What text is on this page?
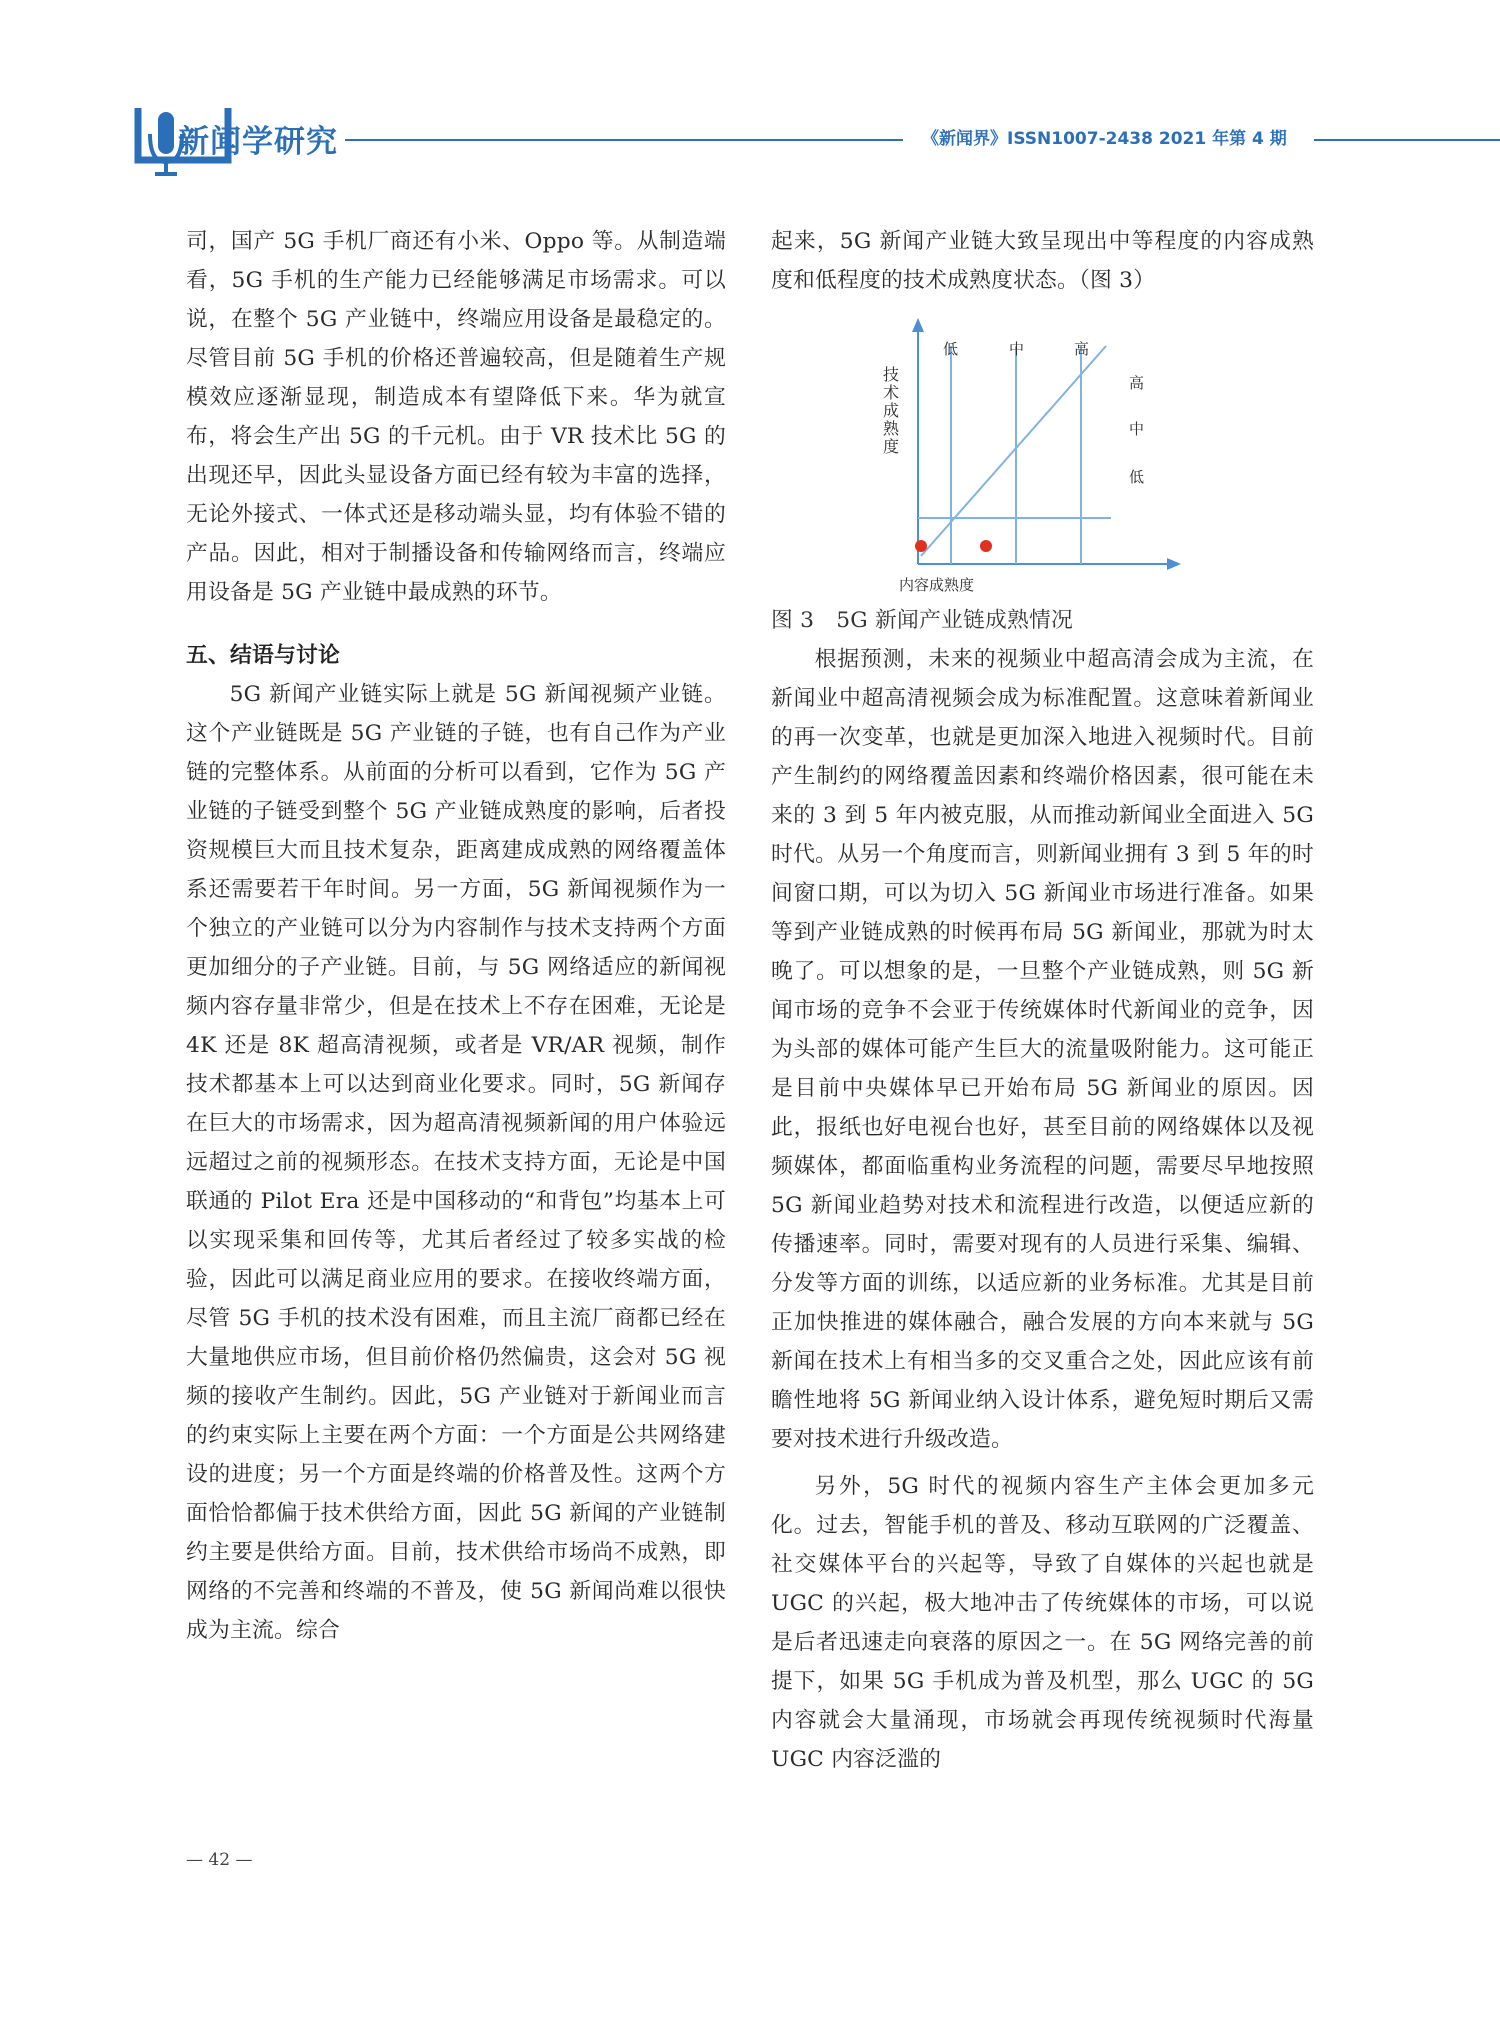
新闻学研究	《新闻界》ISSN1007-2438 2021 年第 4 期

司，国产 5G 手机厂商还有小米、Oppo 等。从制造端看，5G 手机的生产能力已经能够满足市场需求。可以说，在整个 5G 产业链中，终端应用设备是最稳定的。尽管目前 5G 手机的价格还普遍较高，但是随着生产规模效应逐渐显现，制造成本有望降低下来。华为就宣布，将会生产出 5G 的千元机。由于 VR 技术比 5G 的出现还早，因此头显设备方面已经有较为丰富的选择，无论外接式、一体式还是移动端头显，均有体验不错的产品。因此，相对于制播设备和传输网络而言，终端应用设备是 5G 产业链中最成熟的环节。

五、结语与讨论

5G 新闻产业链实际上就是 5G 新闻视频产业链。这个产业链既是 5G 产业链的子链，也有自己作为产业链的完整体系。从前面的分析可以看到，它作为 5G 产业链的子链受到整个 5G 产业链成熟度的影响，后者投资规模巨大而且技术复杂，距离建成成熟的网络覆盖体系还需要若干年时间。另一方面，5G 新闻视频作为一个独立的产业链可以分为内容制作与技术支持两个方面更加细分的子产业链。目前，与 5G 网络适应的新闻视频内容存量非常少，但是在技术上不存在困难，无论是 4K 还是 8K 超高清视频，或者是 VR/AR 视频，制作技术都基本上可以达到商业化要求。同时，5G 新闻存在巨大的市场需求，因为超高清视频新闻的用户体验远远超过之前的视频形态。在技术支持方面，无论是中国联通的 Pilot Era 还是中国移动的“和背包”均基本上可以实现采集和回传等，尤其后者经过了较多实战的检验，因此可以满足商业应用的要求。在接收终端方面，尽管 5G 手机的技术没有困难，而且主流厂商都已经在大量地供应市场，但目前价格仍然偏贵，这会对 5G 视频的接收产生制约。因此，5G 产业链对于新闻业而言的约束实际上主要在两个方面：一个方面是公共网络建设的进度；另一个方面是终端的价格普及性。这两个方面恰恰都偏于技术供给方面，因此 5G 新闻的产业链制约主要是供给方面。目前，技术供给市场尚不成熟，即网络的不完善和终端的不普及，使 5G 新闻尚难以很快成为主流。综合

起来，5G 新闻产业链大致呈现出中等程度的内容成熟度和低程度的技术成熟度状态。（图 3）

低	中	高
高
中
低
技术成熟度
内容成熟度

图 3　5G 新闻产业链成熟情况

根据预测，未来的视频业中超高清会成为主流，在新闻业中超高清视频会成为标准配置。这意味着新闻业的再一次变革，也就是更加深入地进入视频时代。目前产生制约的网络覆盖因素和终端价格因素，很可能在未来的 3 到 5 年内被克服，从而推动新闻业全面进入 5G 时代。从另一个角度而言，则新闻业拥有 3 到 5 年的时间窗口期，可以为切入 5G 新闻业市场进行准备。如果等到产业链成熟的时候再布局 5G 新闻业，那就为时太晚了。可以想象的是，一旦整个产业链成熟，则 5G 新闻市场的竞争不会亚于传统媒体时代新闻业的竞争，因为头部的媒体可能产生巨大的流量吸附能力。这可能正是目前中央媒体早已开始布局 5G 新闻业的原因。因此，报纸也好电视台也好，甚至目前的网络媒体以及视频媒体，都面临重构业务流程的问题，需要尽早地按照 5G 新闻业趋势对技术和流程进行改造，以便适应新的传播速率。同时，需要对现有的人员进行采集、编辑、分发等方面的训练，以适应新的业务标准。尤其是目前正加快推进的媒体融合，融合发展的方向本来就与 5G 新闻在技术上有相当多的交叉重合之处，因此应该有前瞻性地将 5G 新闻业纳入设计体系，避免短时期后又需要对技术进行升级改造。

另外，5G 时代的视频内容生产主体会更加多元化。过去，智能手机的普及、移动互联网的广泛覆盖、社交媒体平台的兴起等，导致了自媒体的兴起也就是 UGC 的兴起，极大地冲击了传统媒体的市场，可以说是后者迅速走向衰落的原因之一。在 5G 网络完善的前提下，如果 5G 手机成为普及机型，那么 UGC 的 5G 内容就会大量涌现，市场就会再现传统视频时代海量 UGC 内容泛滥的

— 42 —
